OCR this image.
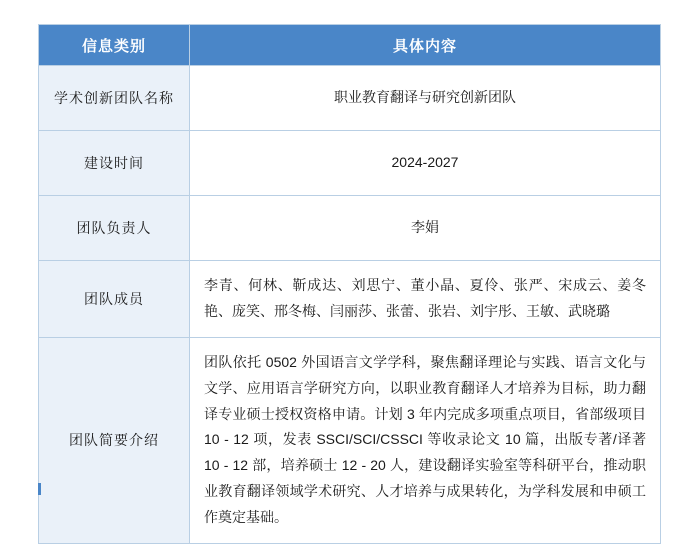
信息类别	具体内容
学术创新团队名称	职业教育翻译与研究创新团队
建设时间	2024-2027
团队负责人	李娟
团队成员	李青、何林、靳成达、刘思宁、董小晶、夏伶、张严、宋成云、姜冬艳、庞笑、邢冬梅、闫丽莎、张蕾、张岩、刘宇彤、王敏、武晓璐
团队简要介绍	团队依托 0502 外国语言文学学科，聚焦翻译理论与实践、语言文化与文学、应用语言学研究方向，以职业教育翻译人才培养为目标，助力翻译专业硕士授权资格申请。计划 3 年内完成多项重点项目，省部级项目 10 - 12 项，发表 SSCI/SCI/CSSCI 等收录论文 10 篇，出版专著/译著 10 - 12 部，培养硕士 12 - 20 人，建设翻译实验室等科研平台，推动职业教育翻译领域学术研究、人才培养与成果转化，为学科发展和申硕工作奠定基础。
